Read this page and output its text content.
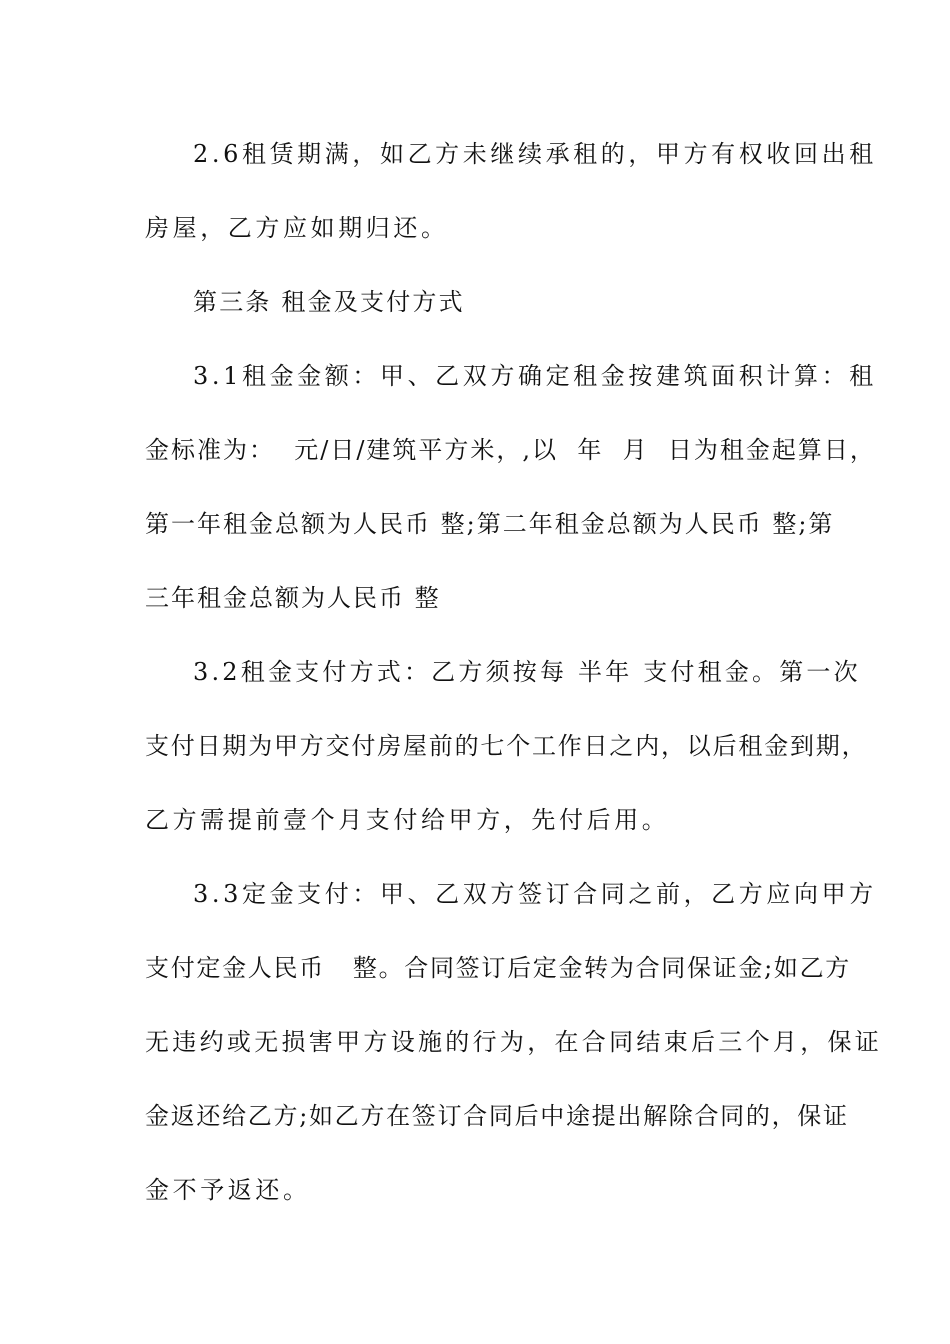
2.6租赁期满，如乙方未继续承租的，甲方有权收回出租
房屋，乙方应如期归还。
第三条 租金及支付方式
3.1租金金额：甲、乙双方确定租金按建筑面积计算：租
金标准为：  元/日/建筑平方米，,以  年  月  日为租金起算日，
第一年租金总额为人民币 整;第二年租金总额为人民币 整;第
三年租金总额为人民币 整
3.2租金支付方式：乙方须按每 半年 支付租金。第一次
支付日期为甲方交付房屋前的七个工作日之内，以后租金到期，
乙方需提前壹个月支付给甲方，先付后用。
3.3定金支付：甲、乙双方签订合同之前，乙方应向甲方
支付定金人民币   整。合同签订后定金转为合同保证金;如乙方
无违约或无损害甲方设施的行为，在合同结束后三个月，保证
金返还给乙方;如乙方在签订合同后中途提出解除合同的，保证
金不予返还。
